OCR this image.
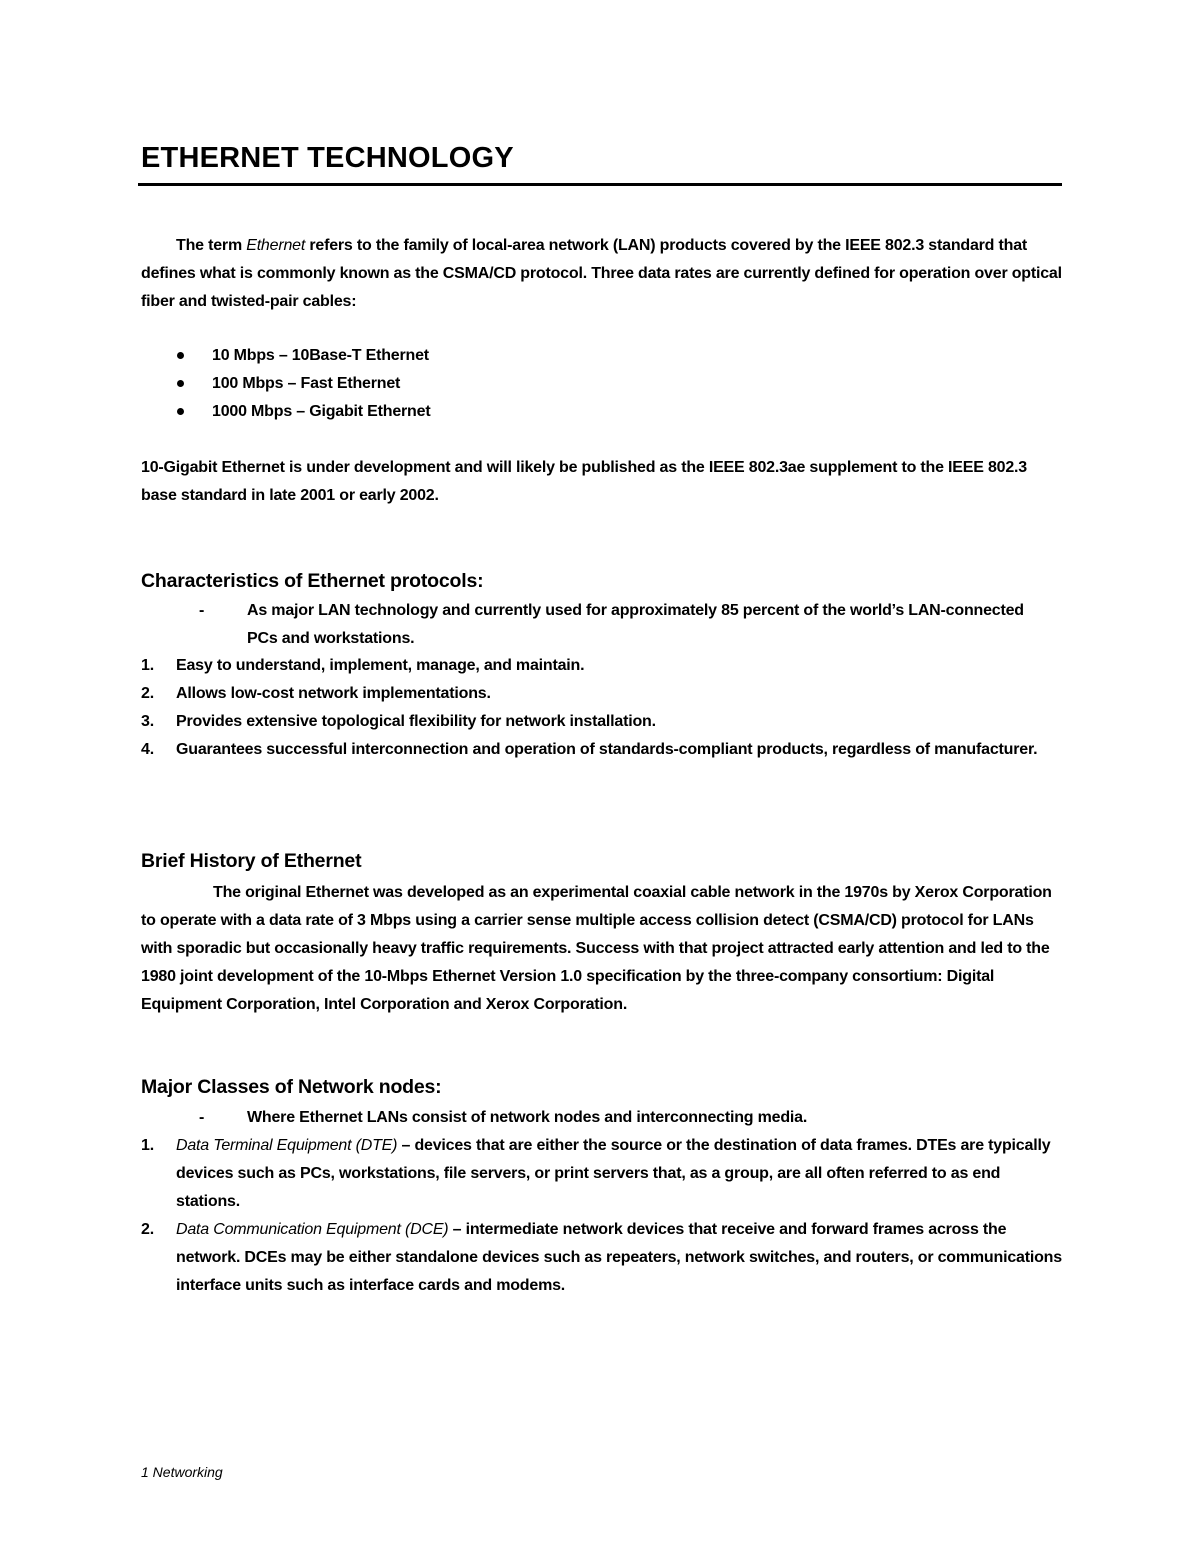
ETHERNET TECHNOLOGY

The term Ethernet refers to the family of local-area network (LAN) products covered by the IEEE 802.3 standard that defines what is commonly known as the CSMA/CD protocol. Three data rates are currently defined for operation over optical fiber and twisted-pair cables:

10 Mbps – 10Base-T Ethernet
100 Mbps – Fast Ethernet
1000 Mbps – Gigabit Ethernet

10-Gigabit Ethernet is under development and will likely be published as the IEEE 802.3ae supplement to the IEEE 802.3 base standard in late 2001 or early 2002.

Characteristics of Ethernet protocols:

-	As major LAN technology and currently used for approximately 85 percent of the world’s LAN-connected PCs and workstations.

1. Easy to understand, implement, manage, and maintain.
2. Allows low-cost network implementations.
3. Provides extensive topological flexibility for network installation.
4. Guarantees successful interconnection and operation of standards-compliant products, regardless of manufacturer.
Brief History of Ethernet

The original Ethernet was developed as an experimental coaxial cable network in the 1970s by Xerox Corporation to operate with a data rate of 3 Mbps using a carrier sense multiple access collision detect (CSMA/CD) protocol for LANs with sporadic but occasionally heavy traffic requirements. Success with that project attracted early attention and led to the 1980 joint development of the 10-Mbps Ethernet Version 1.0 specification by the three-company consortium: Digital Equipment Corporation, Intel Corporation and Xerox Corporation.

Major Classes of Network nodes:

-	Where Ethernet LANs consist of network nodes and interconnecting media.

1. Data Terminal Equipment (DTE) – devices that are either the source or the destination of data frames. DTEs are typically devices such as PCs, workstations, file servers, or print servers that, as a group, are all often referred to as end stations.
2. Data Communication Equipment (DCE) – intermediate network devices that receive and forward frames across the network. DCEs may be either standalone devices such as repeaters, network switches, and routers, or communications interface units such as interface cards and modems.

1 Networking
